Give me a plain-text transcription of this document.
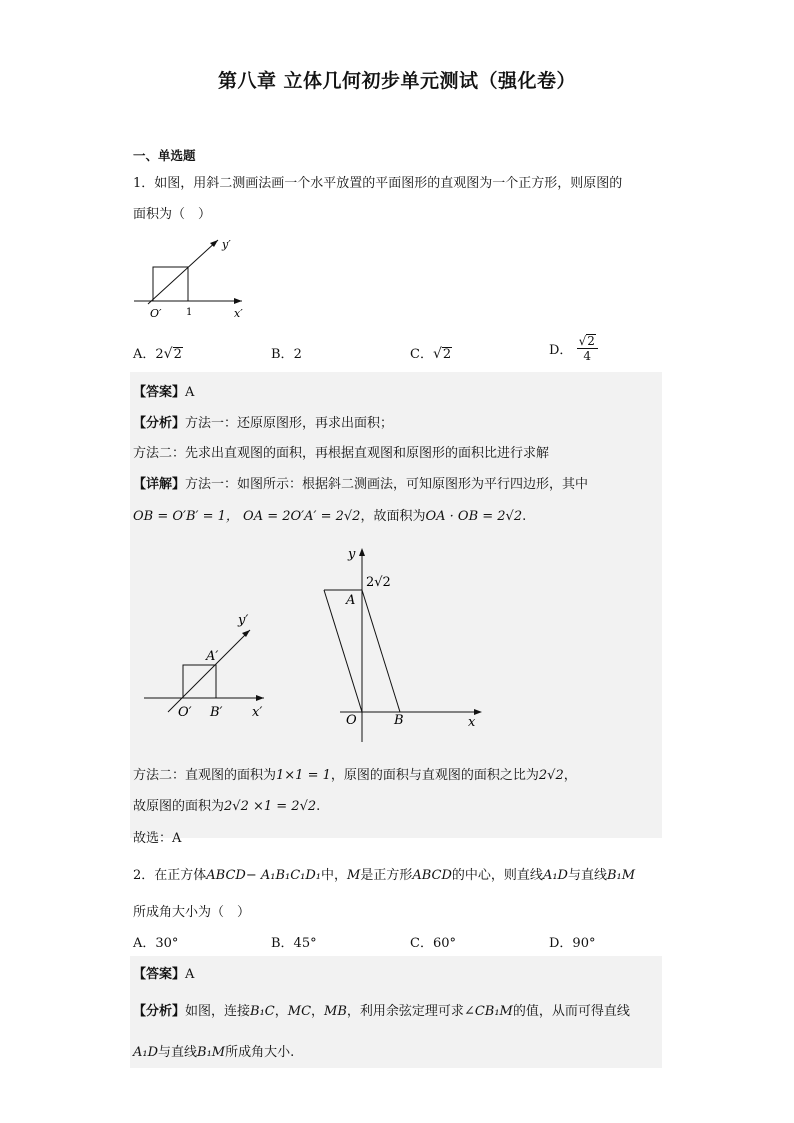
第八章 立体几何初步单元测试（强化卷）
一、单选题
1．如图，用斜二测画法画一个水平放置的平面图形的直观图为一个正方形，则原图的
面积为（　）
y′
x′
O′ 1
A．2√2	B．2	C．√2	D． $\frac{√2}{4}$
【答案】A
【分析】方法一：还原原图形，再求出面积；
方法二：先求出直观图的面积，再根据直观图和原图形的面积比进行求解
【详解】方法一：如图所示：根据斜二测画法，可知原图形为平行四边形，其中
OB = O′B′ = 1， OA = 2O′A′ = 2√2，故面积为OA · OB = 2√2.
y′
A′
O′ B′ x′
y
A
2√2
O	B	x
方法二：直观图的面积为1×1 = 1，原图的面积与直观图的面积之比为2√2，
故原图的面积为2√2 ×1 = 2√2.
故选：A
2．在正方体ABCD− A₁B₁C₁D₁中，M是正方形ABCD的中心，则直线A₁D与直线B₁M
所成角大小为（　）
A．30°	B．45°	C．60°	D．90°
【答案】A
【分析】如图，连接B₁C，MC，MB，利用余弦定理可求∠CB₁M的值，从而可得直线
A₁D与直线B₁M所成角大小.
